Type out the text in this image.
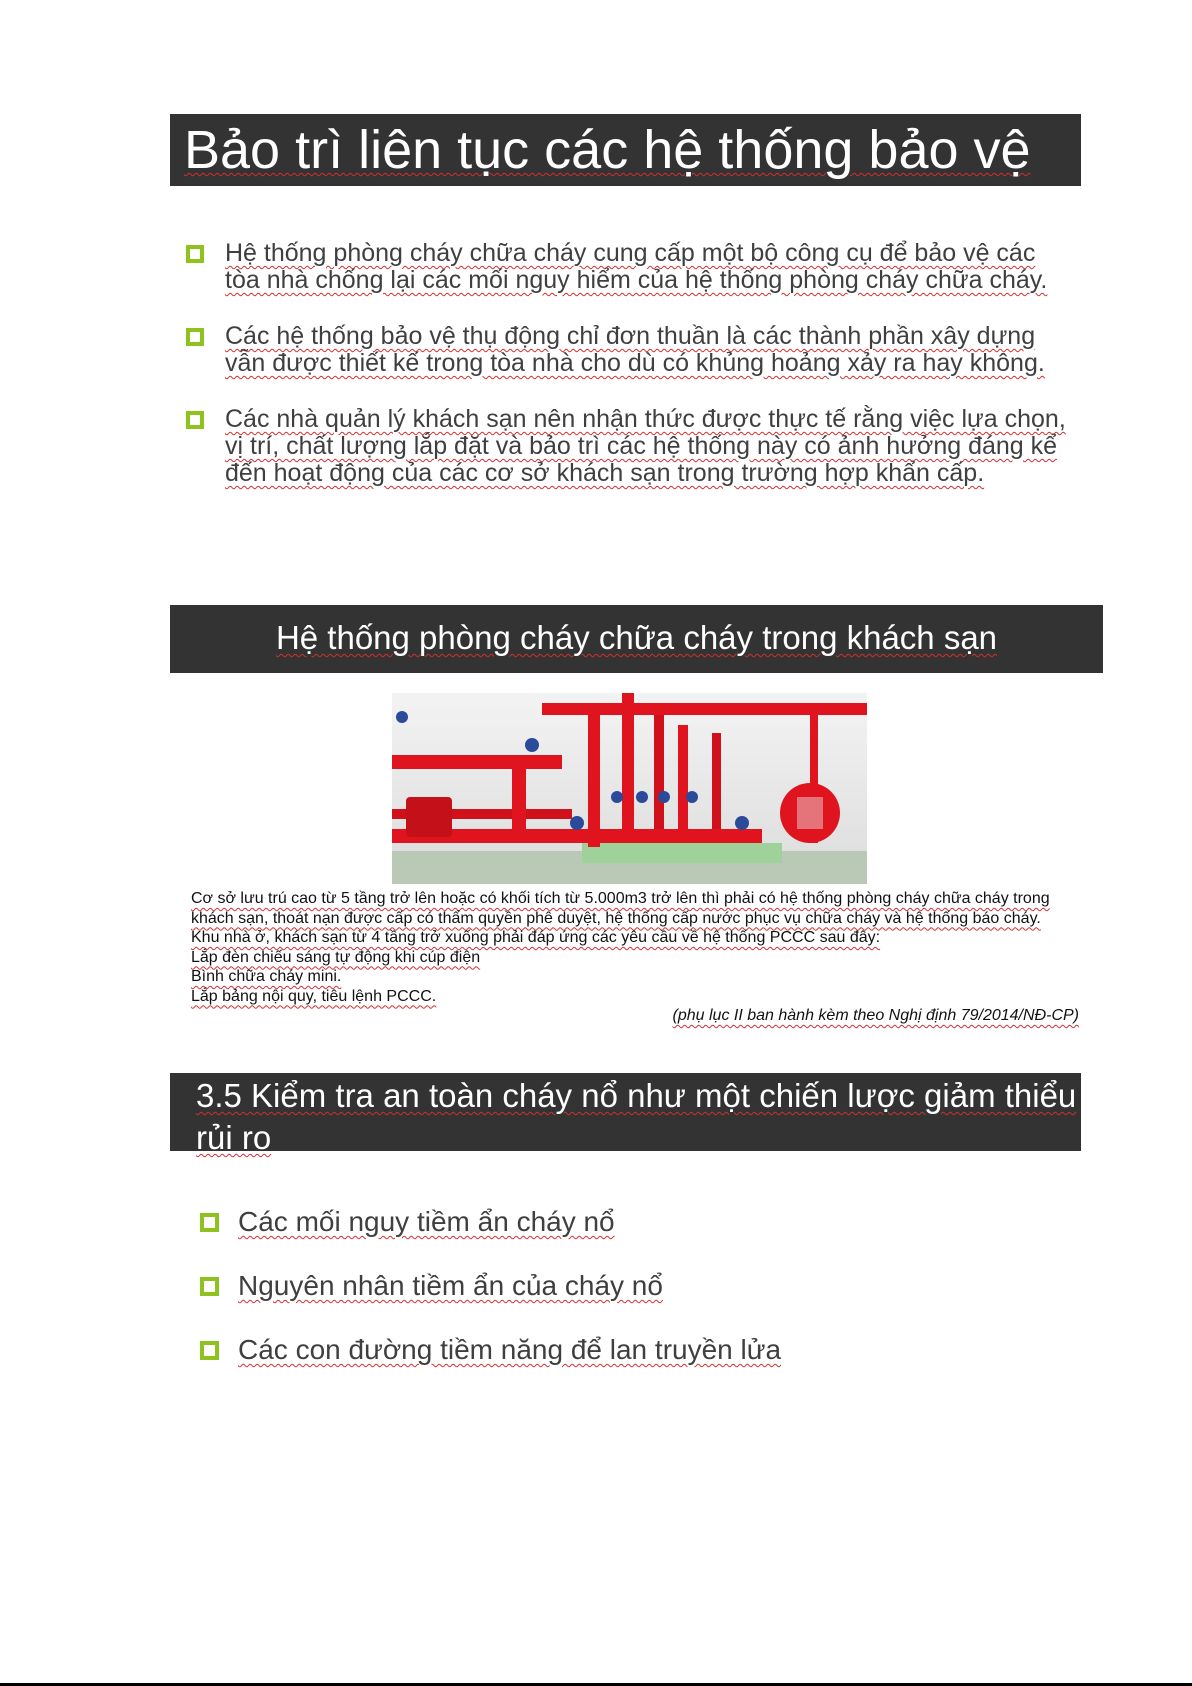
Bảo trì liên tục các hệ thống bảo vệ
Hệ thống phòng cháy chữa cháy cung cấp một bộ công cụ để bảo vệ các tòa nhà chống lại các mối nguy hiểm của hệ thống phòng cháy chữa cháy.
Các hệ thống bảo vệ thụ động chỉ đơn thuần là các thành phần xây dựng vẫn được thiết kế trong tòa nhà cho dù có khủng hoảng xảy ra hay không.
Các nhà quản lý khách sạn nên nhận thức được thực tế rằng việc lựa chọn, vị trí, chất lượng lắp đặt và bảo trì các hệ thống này có ảnh hưởng đáng kể đến hoạt động của các cơ sở khách sạn trong trường hợp khẩn cấp.
Hệ thống phòng cháy chữa cháy trong khách sạn
Cơ sở lưu trú cao từ 5 tầng trở lên hoặc có khối tích từ 5.000m3 trở lên thì phải có hệ thống phòng cháy chữa cháy trong
khách sạn, thoát nạn được cấp có thẩm quyền phê duyệt, hệ thống cấp nước phục vụ chữa cháy và hệ thống báo cháy.
Khu nhà ở, khách sạn từ 4 tầng trở xuống phải đáp ứng các yêu cầu về hệ thống PCCC sau đây:
Lắp đèn chiếu sáng tự động khi cúp điện
Bình chữa cháy mini.
Lắp bảng nội quy, tiêu lệnh PCCC.
(phụ lục II ban hành kèm theo Nghị định 79/2014/NĐ-CP)
3.5 Kiểm tra an toàn cháy nổ như một chiến lược giảm thiểu rủi ro
Các mối nguy tiềm ẩn cháy nổ
Nguyên nhân tiềm ẩn của cháy nổ
Các con đường tiềm năng để lan truyền lửa
